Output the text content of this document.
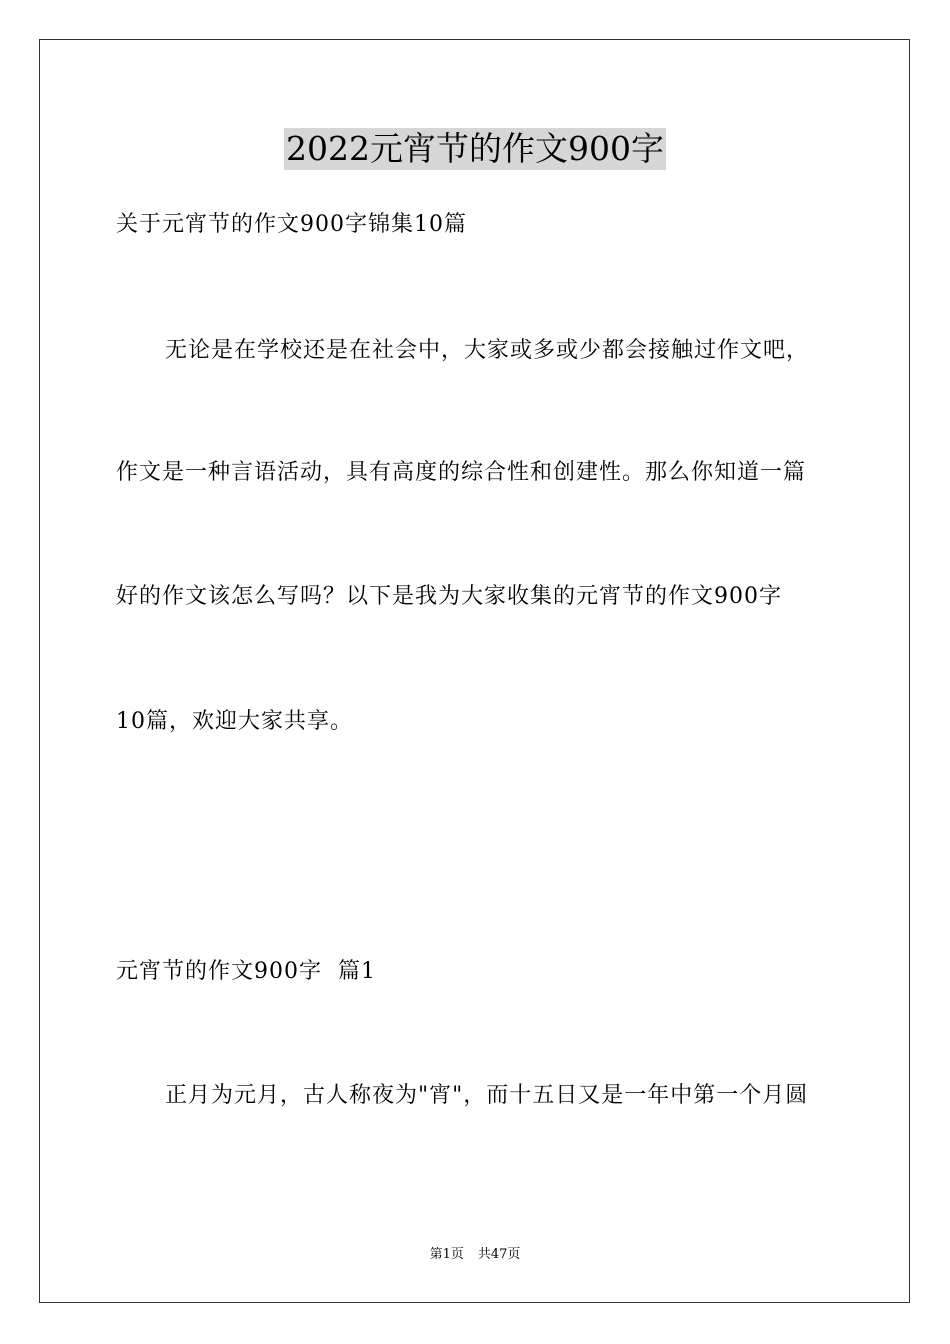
2022元宵节的作文900字
关于元宵节的作文900字锦集10篇
无论是在学校还是在社会中，大家或多或少都会接触过作文吧，
作文是一种言语活动，具有高度的综合性和创建性。那么你知道一篇
好的作文该怎么写吗？以下是我为大家收集的元宵节的作文900字
10篇，欢迎大家共享。
元宵节的作文900字  篇1
正月为元月，古人称夜为"宵"，而十五日又是一年中第一个月圆
第1页 共47页
